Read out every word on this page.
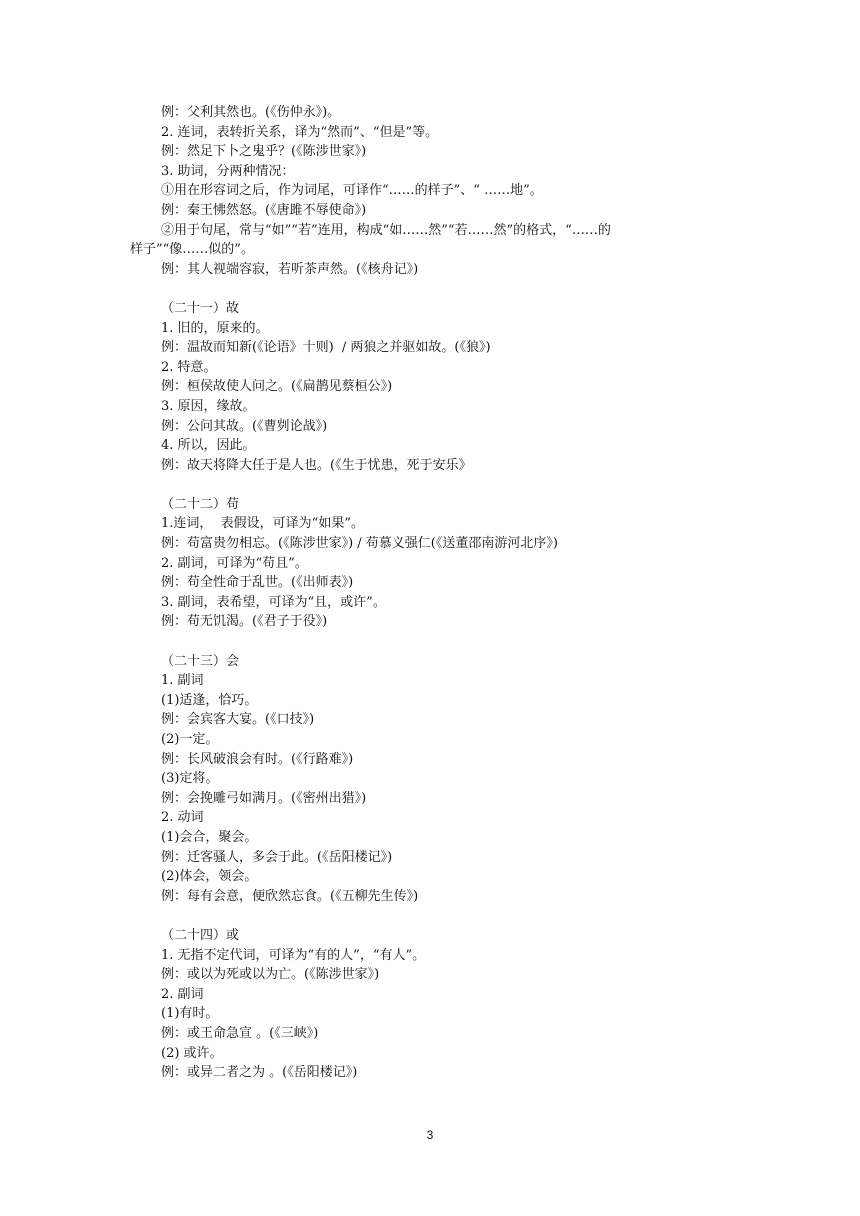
例：父利其然也。(《伤仲永》)。
2. 连词，表转折关系，译为“然而”、“但是”等。
例：然足下卜之鬼乎？(《陈涉世家》)
3. 助词，分两种情况：
①用在形容词之后，作为词尾，可译作“……的样子”、“ ……地”。
例：秦王怫然怒。(《唐雎不辱使命》)
②用于句尾，常与“如”“若”连用，构成“如……然”“若……然”的格式，“……的
样子”“像……似的”。
例：其人视端容寂，若听茶声然。(《核舟记》)
（二十一）故
1. 旧的，原来的。
例：温故而知新(《论语》十则)  / 两狼之并驱如故。(《狼》)
2. 特意。
例：桓侯故使人问之。(《扁鹊见蔡桓公》)
3. 原因，缘故。
例：公问其故。(《曹刿论战》)
4. 所以，因此。
例：故天将降大任于是人也。(《生于忧患，死于安乐》
（二十二）苟
1.连词，  表假设，可译为“如果”。
例：苟富贵勿相忘。(《陈涉世家》) / 苟慕义强仁(《送董邵南游河北序》)
2. 副词，可译为“苟且”。
例：苟全性命于乱世。(《出师表》)
3. 副词，表希望，可译为“且，或许”。
例：苟无饥渴。(《君子于役》)
（二十三）会
1. 副词
(1)适逢，恰巧。
例：会宾客大宴。(《口技》)
(2)一定。
例：长风破浪会有时。(《行路难》)
(3)定将。
例：会挽雕弓如满月。(《密州出猎》)
2. 动词
(1)会合，聚会。
例：迁客骚人，多会于此。(《岳阳楼记》)
(2)体会，领会。
例：每有会意，便欣然忘食。(《五柳先生传》)
（二十四）或
1. 无指不定代词，可译为“有的人”，“有人”。
例：或以为死或以为亡。(《陈涉世家》)
2. 副词
(1)有时。
例：或王命急宣 。(《三峡》)
(2) 或许。
例：或异二者之为 。(《岳阳楼记》)
3
